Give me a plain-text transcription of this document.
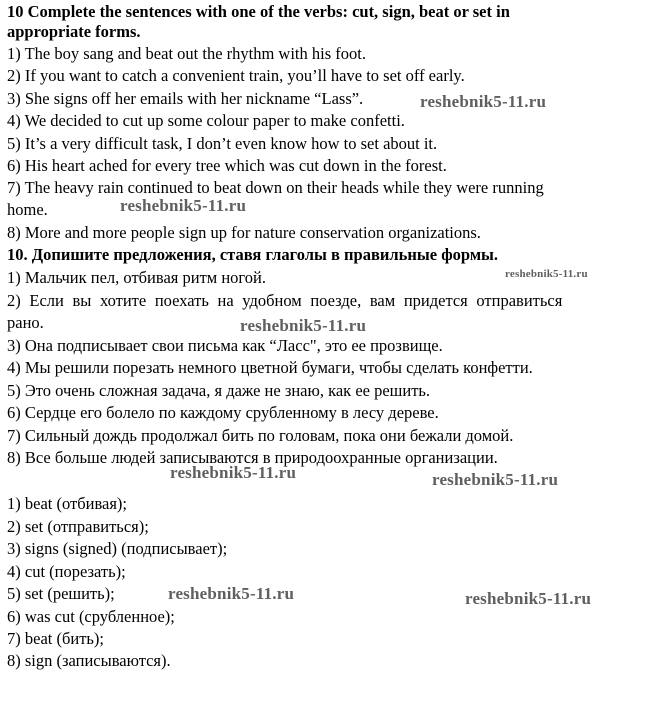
10 Complete the sentences with one of the verbs: cut, sign, beat or set in
appropriate forms.
1) The boy sang and beat out the rhythm with his foot.
2) If you want to catch a convenient train, you’ll have to set off early.
3) She signs off her emails with her nickname “Lass”.
4) We decided to cut up some colour paper to make confetti.
5) It’s a very difficult task, I don’t even know how to set about it.
6) His heart ached for every tree which was cut down in the forest.
7) The heavy rain continued to beat down on their heads while they were running
home.
8) More and more people sign up for nature conservation organizations.
10. Допишите предложения, ставя глаголы в правильные формы.
1) Мальчик пел, отбивая ритм ногой.
2) Если вы хотите поехать на удобном поезде, вам придется отправиться
рано.
3) Она подписывает свои письма как “Ласс", это ее прозвище.
4) Мы решили порезать немного цветной бумаги, чтобы сделать конфетти.
5) Это очень сложная задача, я даже не знаю, как ее решить.
6) Сердце его болело по каждому срубленному в лесу дереве.
7) Сильный дождь продолжал бить по головам, пока они бежали домой.
8) Все больше людей записываются в природоохранные организации.
1) beat (отбивая);
2) set (отправиться);
3) signs (signed) (подписывает);
4) cut (порезать);
5) set (решить);
6) was cut (срубленное);
7) beat (бить);
8) sign (записываются).
reshebnik5-11.ru
reshebnik5-11.ru
reshebnik5-11.ru
reshebnik5-11.ru
reshebnik5-11.ru	reshebnik5-11.ru
reshebnik5-11.ru	reshebnik5-11.ru
